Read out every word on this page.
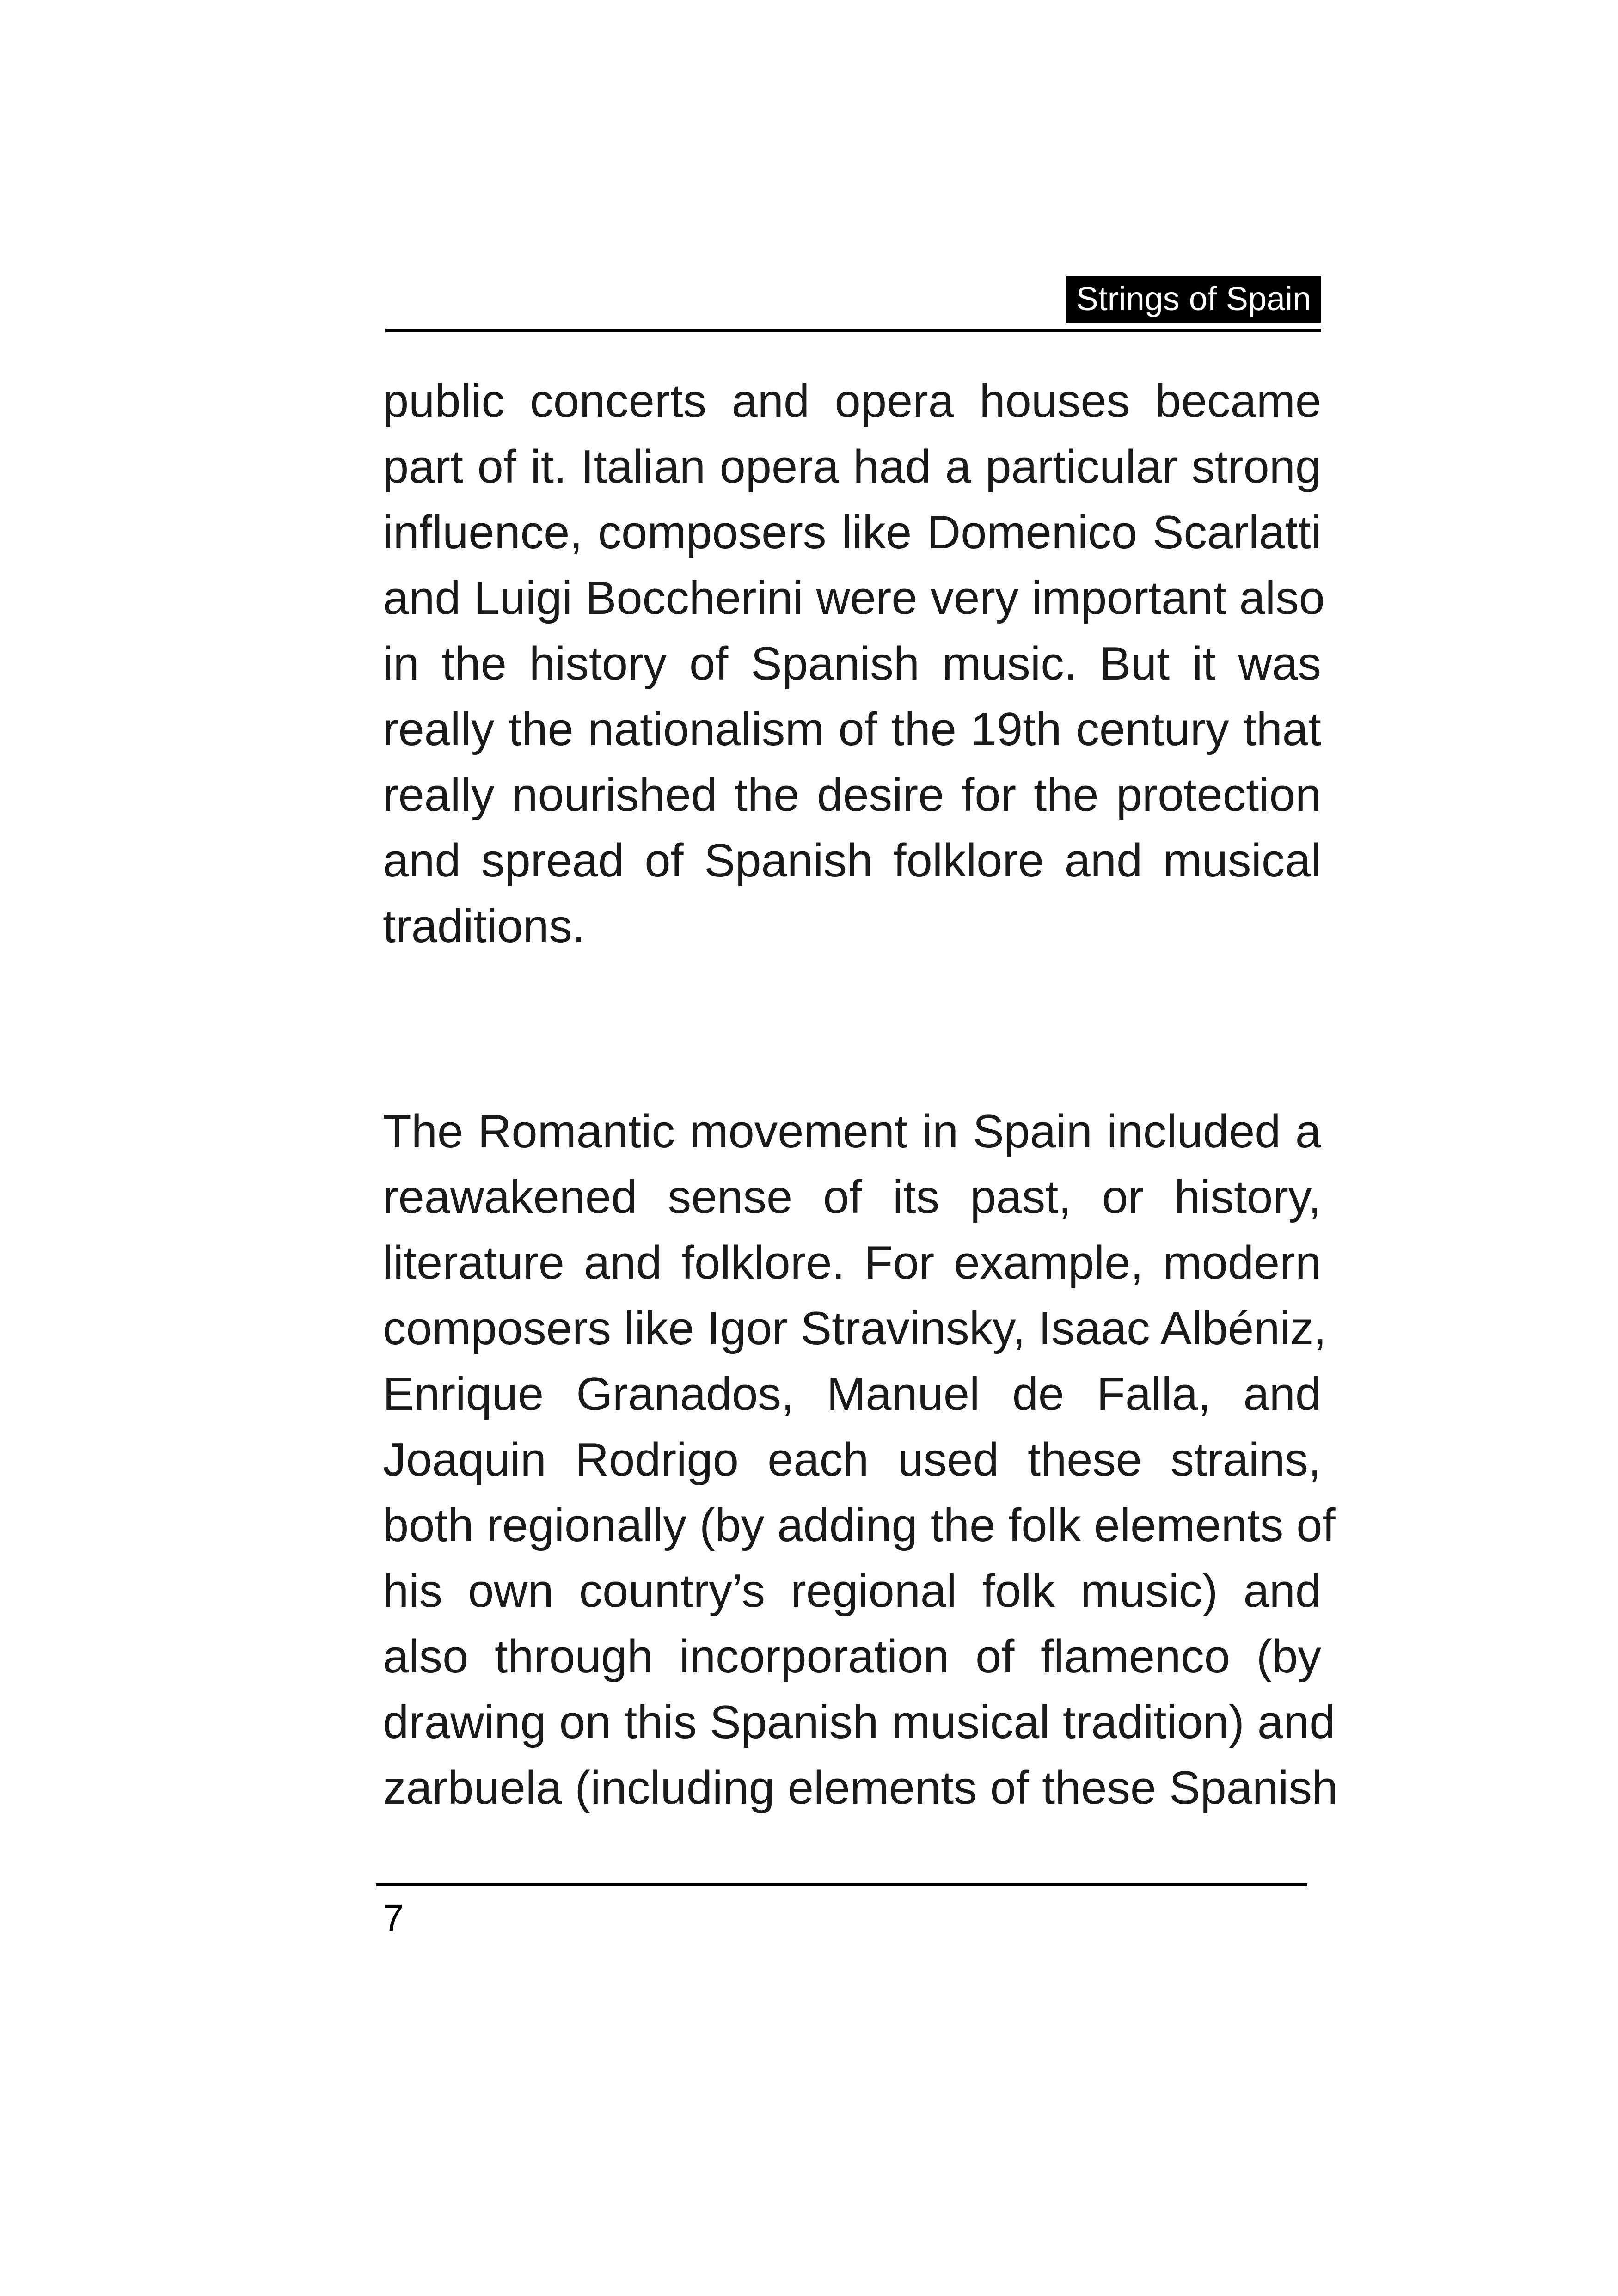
Strings of Spain
public concerts and opera houses became
part of it. Italian opera had a particular strong
influence, composers like Domenico Scarlatti
and Luigi Boccherini were very important also
in the history of Spanish music. But it was
really the nationalism of the 19th century that
really nourished the desire for the protection
and spread of Spanish folklore and musical
traditions.
The Romantic movement in Spain included a
reawakened sense of its past, or history,
literature and folklore. For example, modern
composers like Igor Stravinsky, Isaac Albéniz,
Enrique Granados, Manuel de Falla, and
Joaquin Rodrigo each used these strains,
both regionally (by adding the folk elements of
his own country’s regional folk music) and
also through incorporation of flamenco (by
drawing on this Spanish musical tradition) and
zarbuela (including elements of these Spanish
7
